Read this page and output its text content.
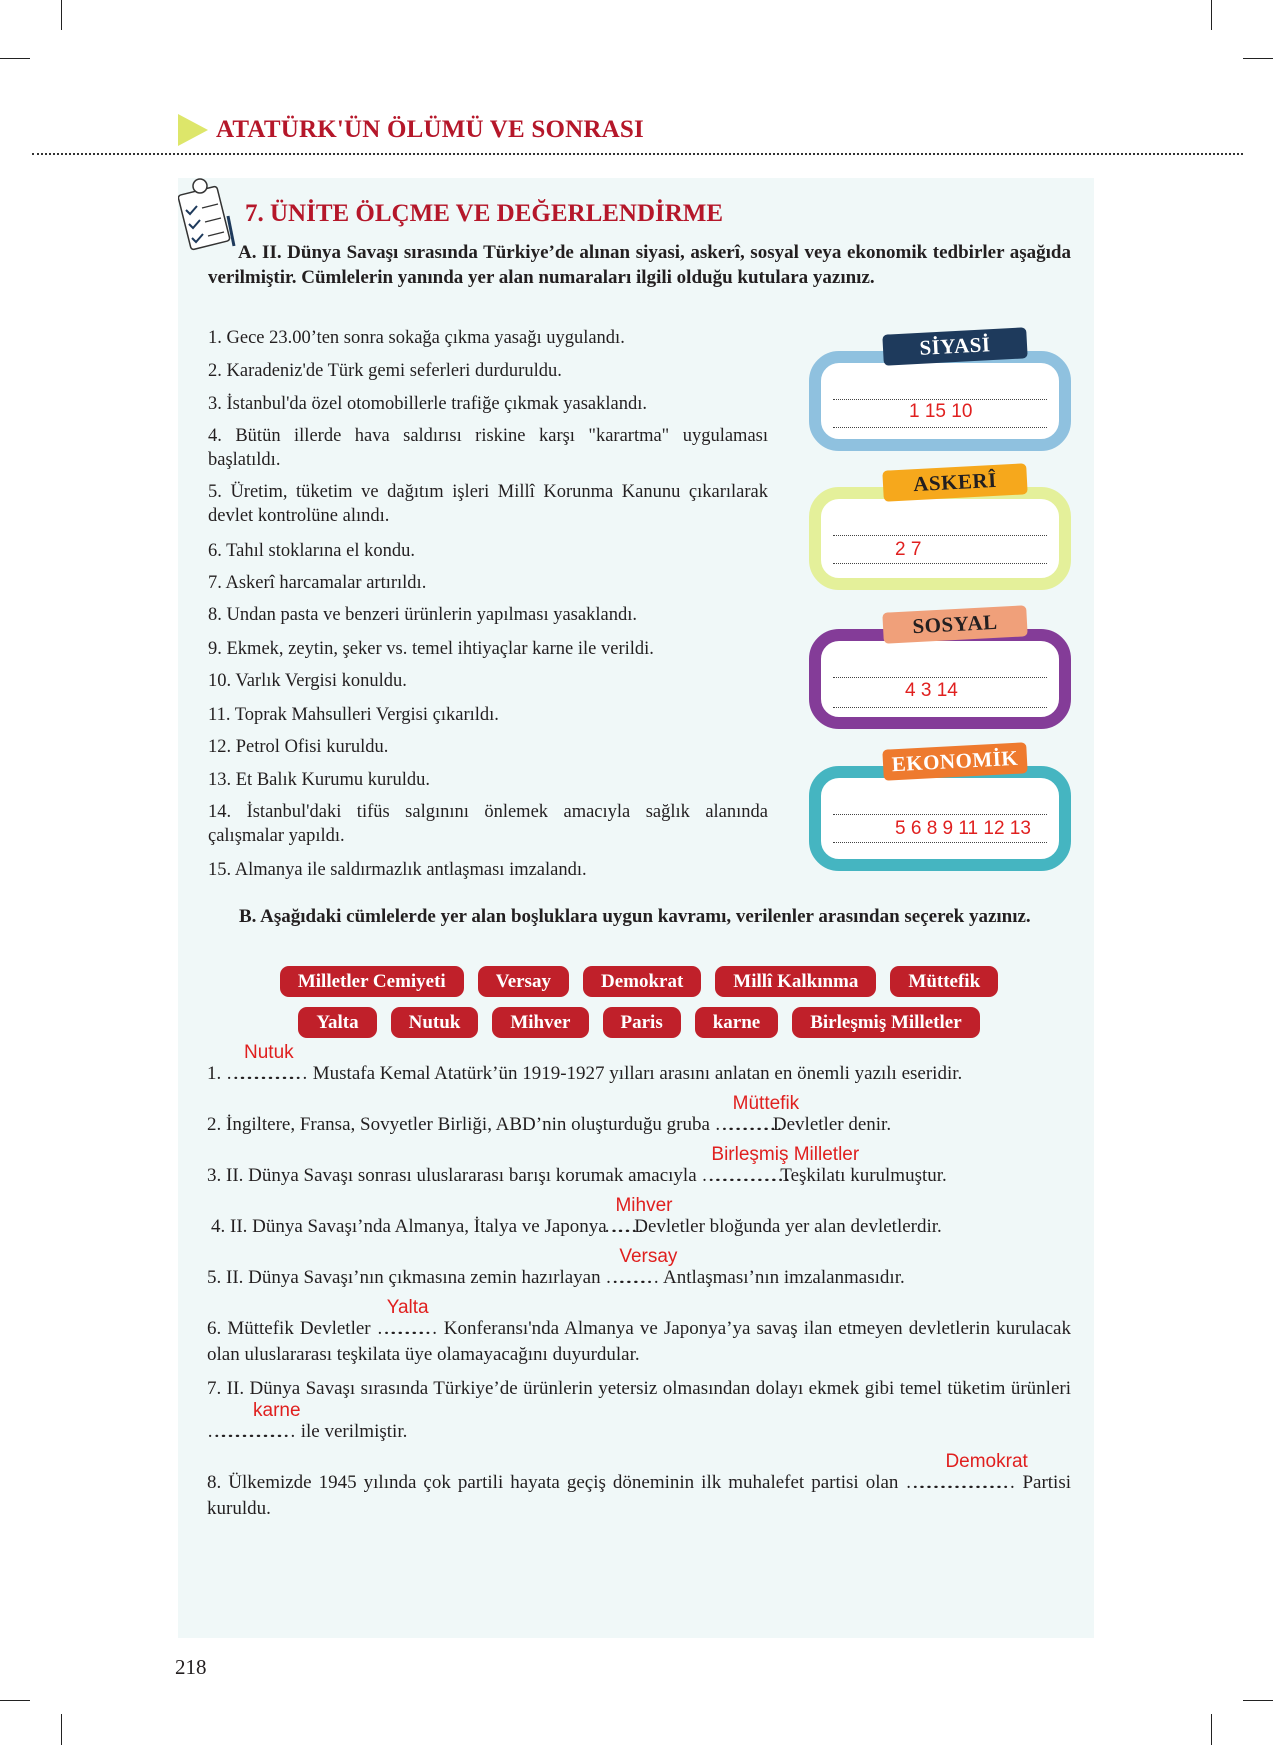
ATATÜRK'ÜN ÖLÜMÜ VE SONRASI
7. ÜNİTE ÖLÇME VE DEĞERLENDİRME
A. II. Dünya Savaşı sırasında Türkiye’de alınan siyasi, askerî, sosyal veya ekonomik tedbirler aşağıda verilmiştir. Cümlelerin yanında yer alan numaraları ilgili olduğu kutulara yazınız.
1. Gece 23.00’ten sonra sokağa çıkma yasağı uygulandı.
2. Karadeniz'de Türk gemi seferleri durduruldu.
3. İstanbul'da özel otomobillerle trafiğe çıkmak yasaklandı.
4. Bütün illerde hava saldırısı riskine karşı "karartma" uygulaması başlatıldı.
5. Üretim, tüketim ve dağıtım işleri Millî Korunma Kanunu çıkarılarak devlet kontrolüne alındı.
6. Tahıl stoklarına el kondu.
7. Askerî harcamalar artırıldı.
8. Undan pasta ve benzeri ürünlerin yapılması yasaklandı.
9. Ekmek, zeytin, şeker vs. temel ihtiyaçlar karne ile verildi.
10. Varlık Vergisi konuldu.
11. Toprak Mahsulleri Vergisi çıkarıldı.
12. Petrol Ofisi kuruldu.
13. Et Balık Kurumu kuruldu.
14. İstanbul'daki tifüs salgınını önlemek amacıyla sağlık alanında çalışmalar yapıldı.
15. Almanya ile saldırmazlık antlaşması imzalandı.
SİYASİ
1 15 10
ASKERÎ
2 7
SOSYAL
4 3 14
EKONOMİK
5 6 8 9 11 12 13
B. Aşağıdaki cümlelerde yer alan boşluklara uygun kavramı, verilenler arasından seçerek yazınız.
Milletler Cemiyeti	Versay	Demokrat	Millî Kalkınma	Müttefik
Yalta	Nutuk	Mihver	Paris	karne	Birleşmiş Milletler
1. …………………………
Nutuk
Mustafa Kemal Atatürk’ün 1919-1927 yılları arasını anlatan en önemli yazılı eseridir.
2. İngiltere, Fransa, Sovyetler Birliği, ABD’nin oluşturduğu gruba ……………………..
Müttefik
Devletler denir.
3. II. Dünya Savaşı sonrası uluslararası barışı korumak amacıyla ……………………………..
Birleşmiş Milletler
Teşkilatı kurulmuştur.
4. II. Dünya Savaşı’nda Almanya, İtalya ve Japonya …..…………..
Mihver
Devletler bloğunda yer alan devletlerdir.
5. II. Dünya Savaşı’nın çıkmasına zemin hazırlayan ………………
Versay
Antlaşması’nın imzalanmasıdır.
6. Müttefik Devletler …………………
Yalta
Konferansı'nda Almanya ve Japonya’ya savaş ilan etmeyen devletlerin kurulacak olan uluslararası teşkilata üye olamayacağını duyurdular.
7. II. Dünya Savaşı sırasında Türkiye’de ürünlerin yetersiz olmasından dolayı ekmek gibi temel tüketim ürünleri ……………………………
karne
ile verilmiştir.
8. Ülkemizde 1945 yılında çok partili hayata geçiş döneminin ilk muhalefet partisi olan ……………………………………
Demokrat
Partisi kuruldu.
218
